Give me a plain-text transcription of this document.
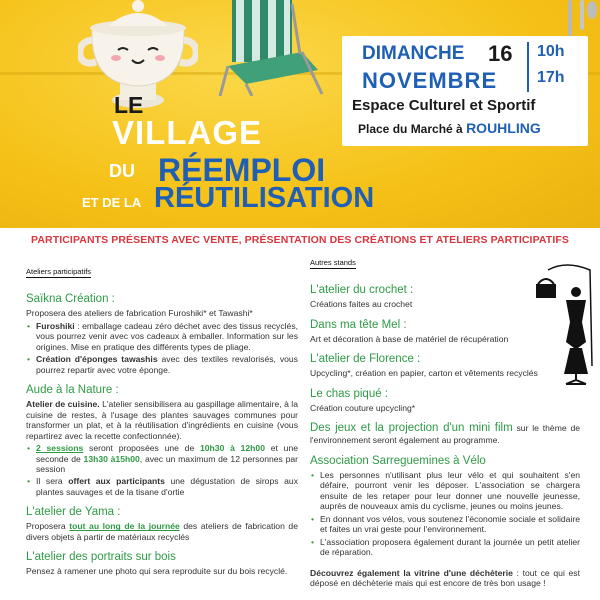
LE
VILLAGE
DU RÉEMPLOI
ET DE LA RÉUTILISATION
DIMANCHE 16
NOVEMBRE
10h
17h
Espace Culturel et Sportif
Place du Marché à ROUHLING
PARTICIPANTS PRÉSENTS AVEC VENTE, PRÉSENTATION DES CRÉATIONS ET ATELIERS PARTICIPATIFS
Ateliers participatifs
Saïkna Création :

Proposera des ateliers de fabrication Furoshiki* et Tawashi*

• Furoshiki : emballage cadeau zéro déchet avec des tissus recyclés, vous pourrez venir avec vos cadeaux à emballer. Information sur les origines. Mise en pratique des différents types de pliage.
• Création d'éponges tawashis avec des textiles revalorisés, vous pourrez repartir avec votre éponge.
Aude à la Nature :

Atelier de cuisine. L'atelier sensibilisera au gaspillage alimentaire, à la cuisine de restes, à l'usage des plantes sauvages communes pour transformer un plat, et à la réutilisation d'ingrédients en cuisine (vous repartirez avec la recette confectionnée).

• 2 sessions seront proposées une de 10h30 à 12h00 et une seconde de 13h30 à15h00, avec un maximum de 12 personnes par session
• Il sera offert aux participants une dégustation de sirops aux plantes sauvages et de la tisane d'ortie
L'atelier de Yama :

Proposera tout au long de la journée des ateliers de fabrication de divers objets à partir de matériaux recyclés

L'atelier des portraits sur bois

Pensez à ramener une photo qui sera reproduite sur du bois recyclé.

Autres stands
L'atelier du crochet :

Créations faites au crochet

Dans ma tête Mel :

Art et décoration à base de matériel de récupération

L'atelier de Florence :

Upcycling*, création en papier, carton et vêtements recyclés

Le chas piqué :

Création couture upcycling*

Des jeux et la projection d'un mini film sur le thème de l'environnement seront également au programme.

Association Sarreguemines à Vélo
• Les personnes n'utilisant plus leur vélo et qui souhaitent s'en défaire, pourront venir les déposer. L'association se chargera ensuite de les retaper pour leur donner une nouvelle jeunesse, auprès de nouveaux amis du cyclisme, jeunes ou moins jeunes.
• En donnant vos vélos, vous soutenez l'économie sociale et solidaire et faites un vrai geste pour l'environnement.
• L'association proposera également durant la journée un petit atelier de réparation.

Découvrez également la vitrine d'une déchèterie : tout ce qui est déposé en déchèterie mais qui est encore de très bon usage !
